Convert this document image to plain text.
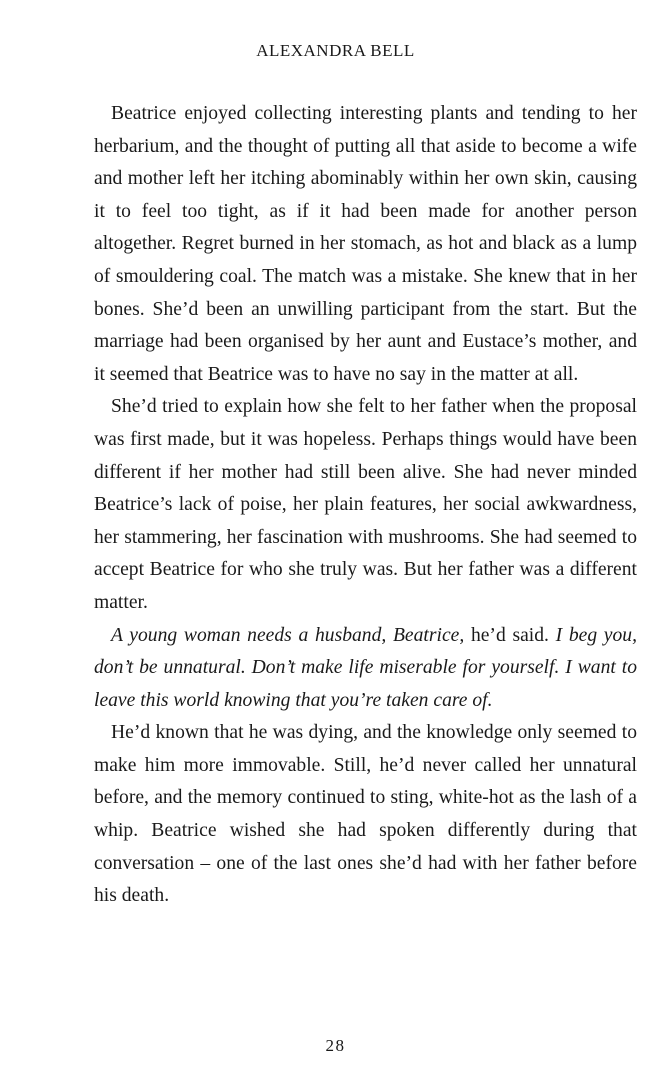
ALEXANDRA BELL

Beatrice enjoyed collecting interesting plants and tending to her herbarium, and the thought of putting all that aside to become a wife and mother left her itching abominably within her own skin, causing it to feel too tight, as if it had been made for another person altogether. Regret burned in her stomach, as hot and black as a lump of smouldering coal. The match was a mistake. She knew that in her bones. She’d been an unwilling participant from the start. But the marriage had been organised by her aunt and Eustace’s mother, and it seemed that Beatrice was to have no say in the matter at all.

She’d tried to explain how she felt to her father when the proposal was first made, but it was hopeless. Perhaps things would have been different if her mother had still been alive. She had never minded Beatrice’s lack of poise, her plain features, her social awkwardness, her stammering, her fascination with mushrooms. She had seemed to accept Beatrice for who she truly was. But her father was a different matter.

A young woman needs a husband, Beatrice, he’d said. I beg you, don’t be unnatural. Don’t make life miserable for yourself. I want to leave this world knowing that you’re taken care of.

He’d known that he was dying, and the knowledge only seemed to make him more immovable. Still, he’d never called her unnatural before, and the memory continued to sting, white-hot as the lash of a whip. Beatrice wished she had spoken differently during that conversation – one of the last ones she’d had with her father before his death.

28
